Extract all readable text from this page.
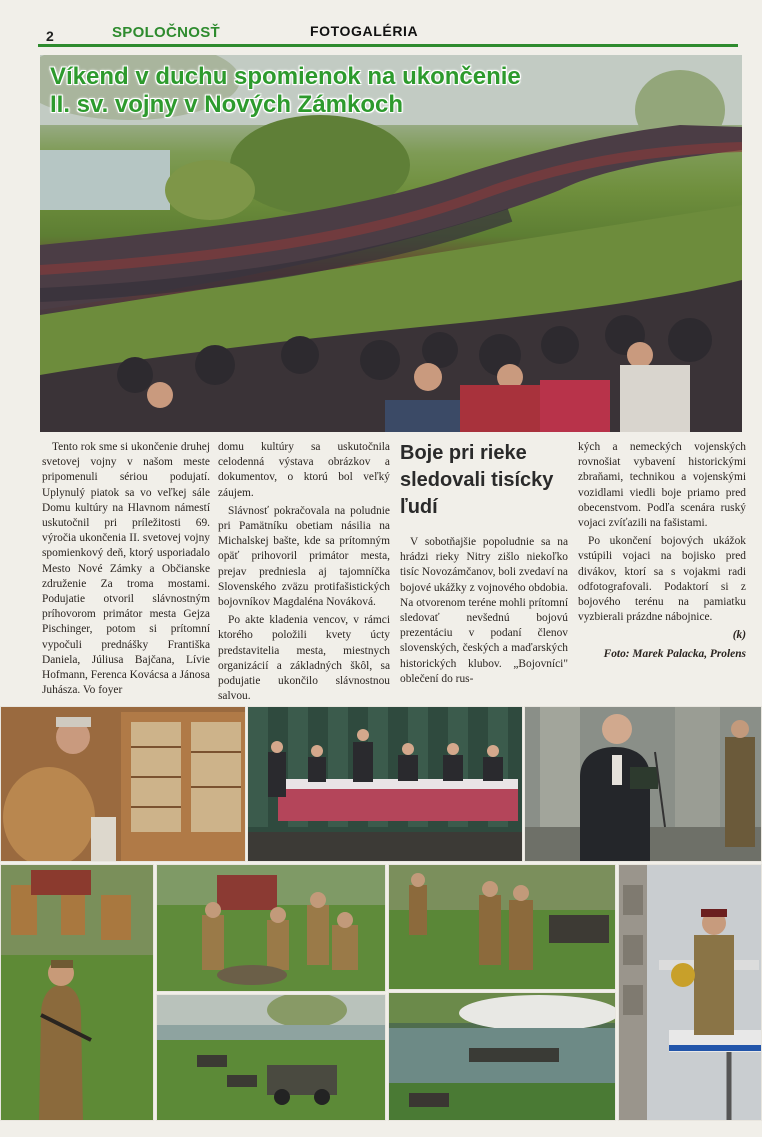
2	SPOLOČNOSŤ	FOTOGALÉRIA
Víkend v duchu spomienok na ukončenie
II. sv. vojny v Nových Zámkoch

Tento rok sme si ukončenie druhej svetovej vojny v našom meste pripomenuli sériou podujatí. Uplynulý piatok sa vo veľkej sále Domu kultúry na Hlavnom námestí uskutočnil pri príležitosti 69. výročia ukončenia II. svetovej vojny spomienkový deň, ktorý usporiadalo Mesto Nové Zámky a Občianske združenie Za troma mostami. Podujatie otvoril slávnostným príhovorom primátor mesta Gejza Pischinger, potom si prítomní vypočuli prednášky Františka Daniela, Júliusa Bajčana, Lívie Hofmann, Ferenca Kovácsa a Jánosa Juhásza. Vo foyer

domu kultúry sa uskutočnila celodenná výstava obrázkov a dokumentov, o ktorú bol veľký záujem.

Slávnosť pokračovala na poludnie pri Pamätníku obetiam násilia na Michalskej bašte, kde sa prítomným opäť prihovoril primátor mesta, prejav predniesla aj tajomníčka Slovenského zväzu protifašistických bojovníkov Magdaléna Nováková.

Po akte kladenia vencov, v rámci ktorého položili kvety úcty predstavitelia mesta, miestnych organizácií a základných škôl, sa podujatie ukončilo slávnostnou salvou.

Boje pri rieke sledovali tisícky ľudí

V sobotňajšie popoludnie sa na hrádzi rieky Nitry zišlo niekoľko tisíc Novozámčanov, boli zvedaví na bojové ukážky z vojnového obdobia. Na otvorenom teréne mohli prítomní sledovať nevšednú bojovú prezentáciu v podaní členov slovenských, českých a maďarských historických klubov. „Bojovníci" oblečení do rus-

kých a nemeckých vojenských rovnošiat vybavení historickými zbraňami, technikou a vojenskými vozidlami viedli boje priamo pred obecenstvom. Podľa scenára ruský vojaci zvíťazili na fašistami.

Po ukončení bojových ukážok vstúpili vojaci na bojisko pred divákov, ktorí sa s vojakmi radi odfotografovali. Podaktorí si z bojového terénu na pamiatku vyzbierali prázdne nábojnice.

(k)

Foto: Marek Palacka, Prolens
